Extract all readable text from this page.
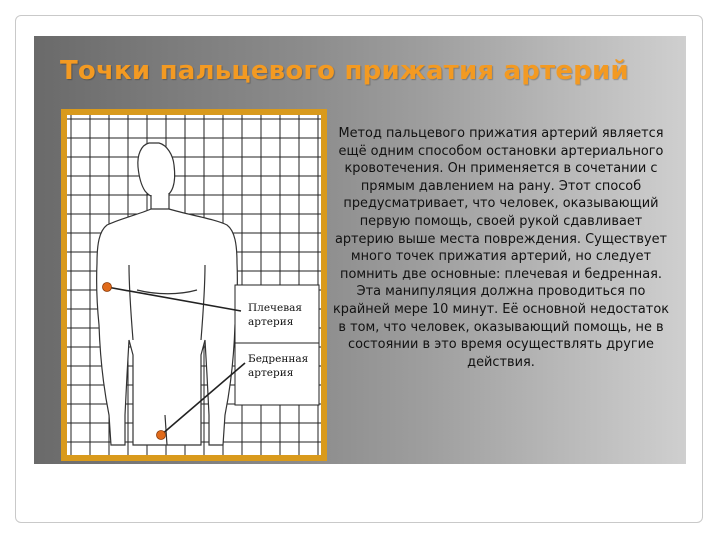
Точки пальцевого прижатия артерий
Плечевая
артерия
Бедренная
артерия
Метод пальцевого прижатия артерий является ещё одним способом остановки артериального кровотечения. Он применяется в сочетании с прямым давлением на рану. Этот способ предусматривает, что человек, оказывающий первую помощь, своей рукой сдавливает артерию выше места повреждения. Существует много точек прижатия артерий, но следует помнить две основные: плечевая и бедренная. Эта манипуляция должна проводиться по крайней мере 10 минут. Её основной недостаток в том, что человек, оказывающий помощь, не в состоянии в это время осуществлять другие действия.
